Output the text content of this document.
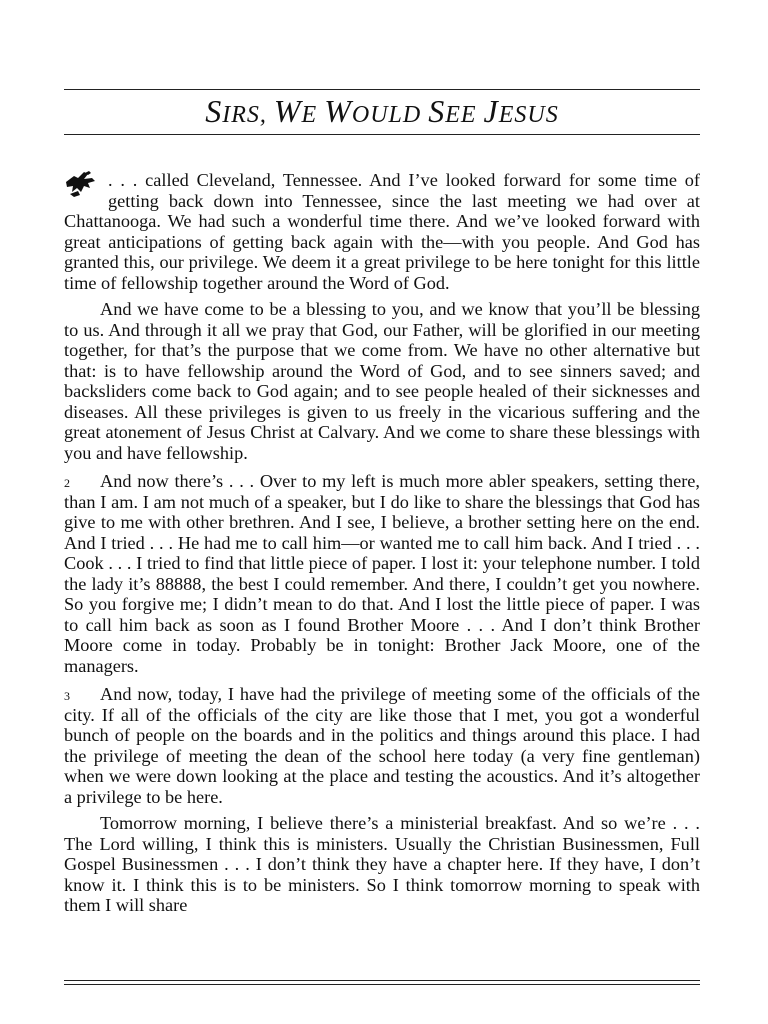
SIRS, WE WOULD SEE JESUS

. . . called Cleveland, Tennessee. And I’ve looked forward for some time of getting back down into Tennessee, since the last meeting we had over at Chattanooga. We had such a wonderful time there. And we’ve looked forward with great anticipations of getting back again with the—with you people. And God has granted this, our privilege. We deem it a great privilege to be here tonight for this little time of fellowship together around the Word of God.

And we have come to be a blessing to you, and we know that you’ll be blessing to us. And through it all we pray that God, our Father, will be glorified in our meeting together, for that’s the purpose that we come from. We have no other alternative but that: is to have fellowship around the Word of God, and to see sinners saved; and backsliders come back to God again; and to see people healed of their sicknesses and diseases. All these privileges is given to us freely in the vicarious suffering and the great atonement of Jesus Christ at Calvary. And we come to share these blessings with you and have fellowship.

2 And now there’s . . . Over to my left is much more abler speakers, setting there, than I am. I am not much of a speaker, but I do like to share the blessings that God has give to me with other brethren. And I see, I believe, a brother setting here on the end. And I tried . . . He had me to call him—or wanted me to call him back. And I tried . . . Cook . . . I tried to find that little piece of paper. I lost it: your telephone number. I told the lady it’s 88888, the best I could remember. And there, I couldn’t get you nowhere. So you forgive me; I didn’t mean to do that. And I lost the little piece of paper. I was to call him back as soon as I found Brother Moore . . . And I don’t think Brother Moore come in today. Probably be in tonight: Brother Jack Moore, one of the managers.

3 And now, today, I have had the privilege of meeting some of the officials of the city. If all of the officials of the city are like those that I met, you got a wonderful bunch of people on the boards and in the politics and things around this place. I had the privilege of meeting the dean of the school here today (a very fine gentleman) when we were down looking at the place and testing the acoustics. And it’s altogether a privilege to be here.

Tomorrow morning, I believe there’s a ministerial breakfast. And so we’re . . . The Lord willing, I think this is ministers. Usually the Christian Businessmen, Full Gospel Businessmen . . . I don’t think they have a chapter here. If they have, I don’t know it. I think this is to be ministers. So I think tomorrow morning to speak with them I will share
